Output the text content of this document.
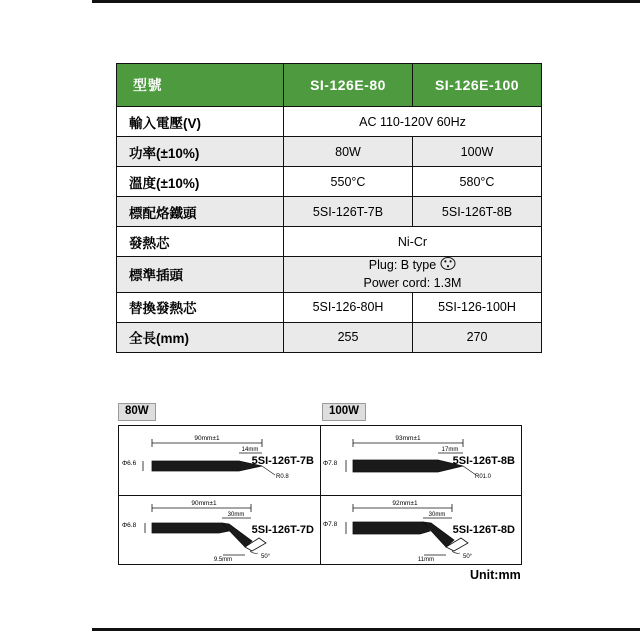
型號	SI-126E-80	SI-126E-100
輸入電壓(V)	AC 110-120V 60Hz	
功率(±10%)	80W	100W
溫度(±10%)	550°C	580°C
標配烙鐵頭	5SI-126T-7B	5SI-126T-8B
發熱芯	Ni-Cr	
標準插頭	Plug: B type
Power cord: 1.3M	
替換發熱芯	5SI-126-80H	5SI-126-100H
全長(mm)	255	270
80W	100W
90mm±1
14mm
Φ6.6
R0.8
5SI-126T-7B
93mm±1
17mm
Φ7.8
R01.0
5SI-126T-8B
90mm±1
30mm
Φ6.8
9.5mm	50°
5SI-126T-7D
92mm±1
30mm
Φ7.8
11mm	50°
5SI-126T-8D
Unit:mm
